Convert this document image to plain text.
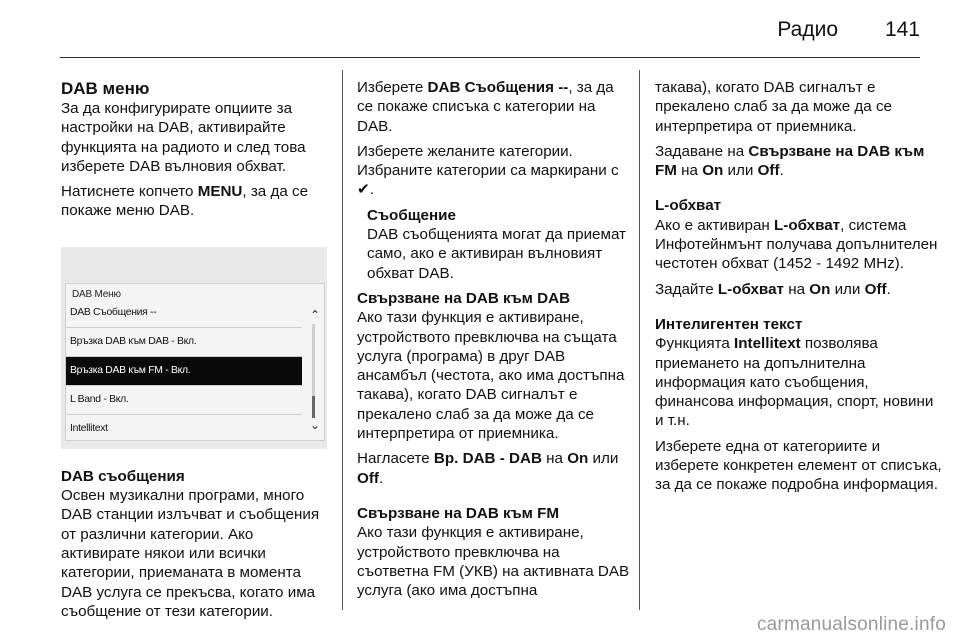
Радио 141
DAB меню

За да конфигурирате опциите за настройки на DAB, активирайте функцията на радиото и след това изберете DAB вълновия обхват.

Натиснете копчето MENU, за да се покаже меню DAB.

DAB Меню
DAB Съобщения --
Връзка DAB към DAB - Вкл.
Връзка DAB към FM - Вкл.
L Band - Вкл.
Intellitext
⌃
⌄
DAB съобщения

Освен музикални програми, много DAB станции излъчват и съобщения от различни категории. Ако активирате някои или всички категории, приеманата в момента DAB услуга се прекъсва, когато има съобщение от тези категории.

Изберете DAB Съобщения --, за да се покаже списъка с категории на DAB.

Изберете желаните категории. Избраните категории са маркирани с ✔.

Съобщение

DAB съобщенията могат да приемат само, ако е активиран вълновият обхват DAB.

Свързване на DAB към DAB

Ако тази функция е активиране, устройството превключва на същата услуга (програма) в друг DAB ансамбъл (честота, ако има достъпна такава), когато DAB сигналът е прекалено слаб за да може да се интерпретира от приемника.

Нагласете Вр. DAB - DAB на On или Off.

Свързване на DAB към FM

Ако тази функция е активиране, устройството превключва на съответна FM (УКВ) на активната DAB услуга (ако има достъпна

такава), когато DAB сигналът е прекалено слаб за да може да се интерпретира от приемника.

Задаване на Свързване на DAB към FM на On или Off.

L-обхват

Ако е активиран L-обхват, система Инфотейнмънт получава допълнителен честотен обхват (1452 - 1492 MHz).

Задайте L-обхват на On или Off.

Интелигентен текст

Функцията Intellitext позволява приемането на допълнителна информация като съобщения, финансова информация, спорт, новини и т.н.

Изберете една от категориите и изберете конкретен елемент от списъка, за да се покаже подробна информация.

carmanualsonline.info
